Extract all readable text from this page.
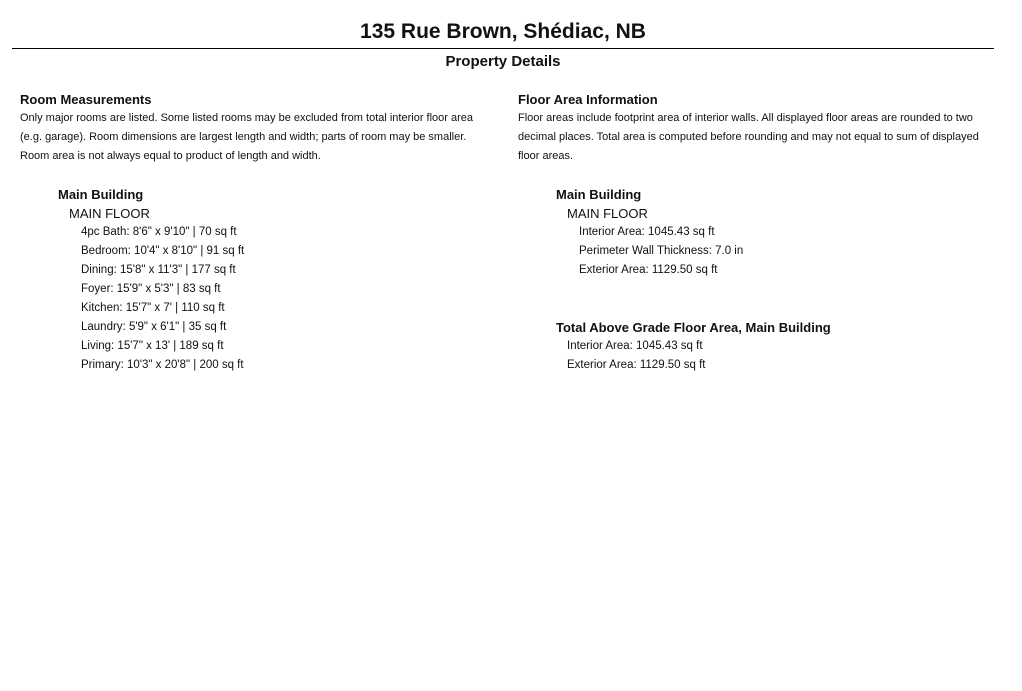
135 Rue Brown, Shédiac, NB
Property Details
Room Measurements

Only major rooms are listed. Some listed rooms may be excluded from total interior floor area (e.g. garage). Room dimensions are largest length and width; parts of room may be smaller. Room area is not always equal to product of length and width.

Main Building
MAIN FLOOR
4pc Bath: 8'6" x 9'10" | 70 sq ft
Bedroom: 10'4" x 8'10" | 91 sq ft
Dining: 15'8" x 11'3" | 177 sq ft
Foyer: 15'9" x 5'3" | 83 sq ft
Kitchen: 15'7" x 7' | 110 sq ft
Laundry: 5'9" x 6'1" | 35 sq ft
Living: 15'7" x 13' | 189 sq ft
Primary: 10'3" x 20'8" | 200 sq ft
Floor Area Information

Floor areas include footprint area of interior walls. All displayed floor areas are rounded to two decimal places. Total area is computed before rounding and may not equal to sum of displayed floor areas.

Main Building
MAIN FLOOR
Interior Area: 1045.43 sq ft
Perimeter Wall Thickness: 7.0 in
Exterior Area: 1129.50 sq ft
Total Above Grade Floor Area, Main Building
Interior Area: 1045.43 sq ft
Exterior Area: 1129.50 sq ft
